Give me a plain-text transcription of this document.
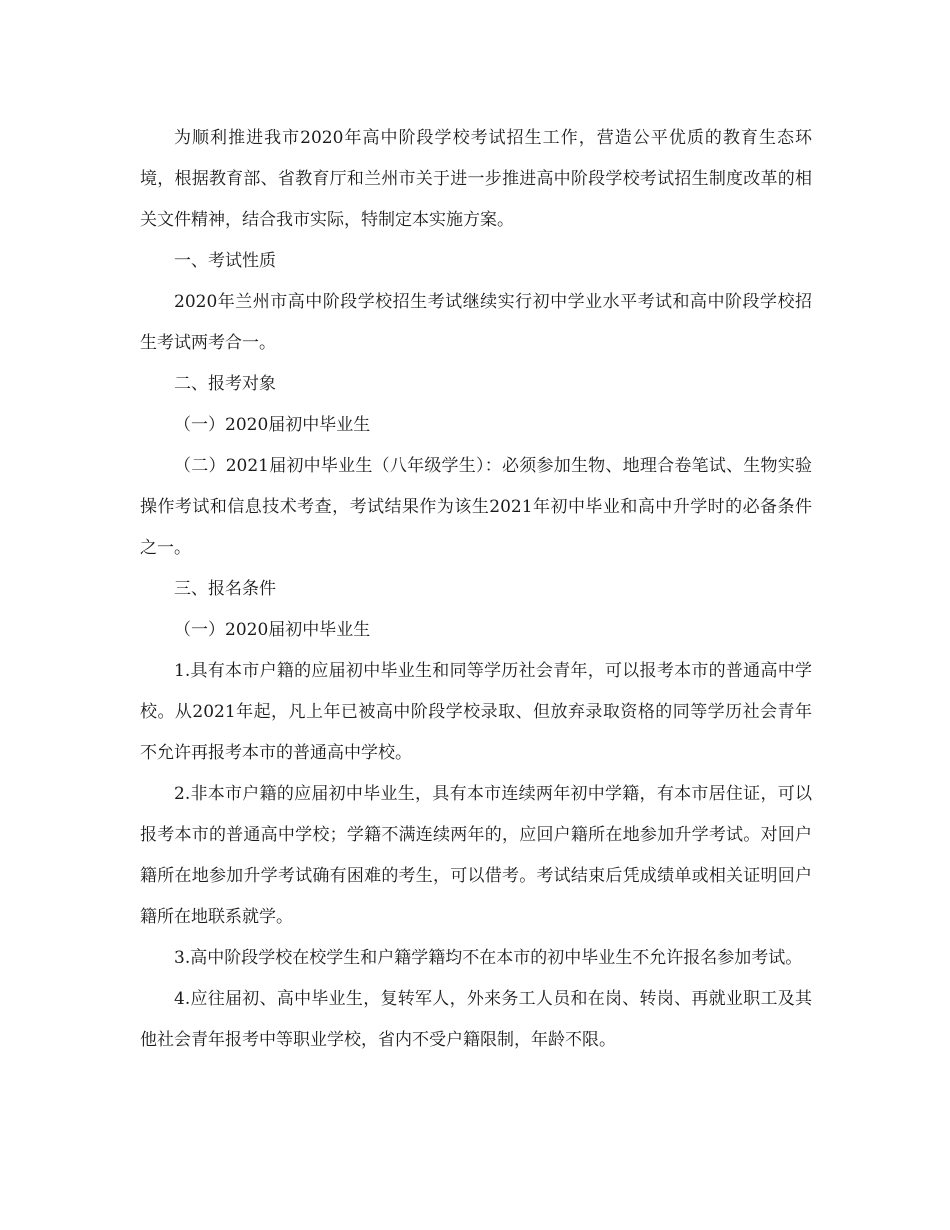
为顺利推进我市2020年高中阶段学校考试招生工作，营造公平优质的教育生态环境，根据教育部、省教育厅和兰州市关于进一步推进高中阶段学校考试招生制度改革的相关文件精神，结合我市实际，特制定本实施方案。

一、考试性质

2020年兰州市高中阶段学校招生考试继续实行初中学业水平考试和高中阶段学校招生考试两考合一。

二、报考对象

（一）2020届初中毕业生

（二）2021届初中毕业生（八年级学生）：必须参加生物、地理合卷笔试、生物实验操作考试和信息技术考查，考试结果作为该生2021年初中毕业和高中升学时的必备条件之一。

三、报名条件

（一）2020届初中毕业生

1.具有本市户籍的应届初中毕业生和同等学历社会青年，可以报考本市的普通高中学校。从2021年起，凡上年已被高中阶段学校录取、但放弃录取资格的同等学历社会青年不允许再报考本市的普通高中学校。

2.非本市户籍的应届初中毕业生，具有本市连续两年初中学籍，有本市居住证，可以报考本市的普通高中学校；学籍不满连续两年的，应回户籍所在地参加升学考试。对回户籍所在地参加升学考试确有困难的考生，可以借考。考试结束后凭成绩单或相关证明回户籍所在地联系就学。

3.高中阶段学校在校学生和户籍学籍均不在本市的初中毕业生不允许报名参加考试。

4.应往届初、高中毕业生，复转军人，外来务工人员和在岗、转岗、再就业职工及其他社会青年报考中等职业学校，省内不受户籍限制，年龄不限。
